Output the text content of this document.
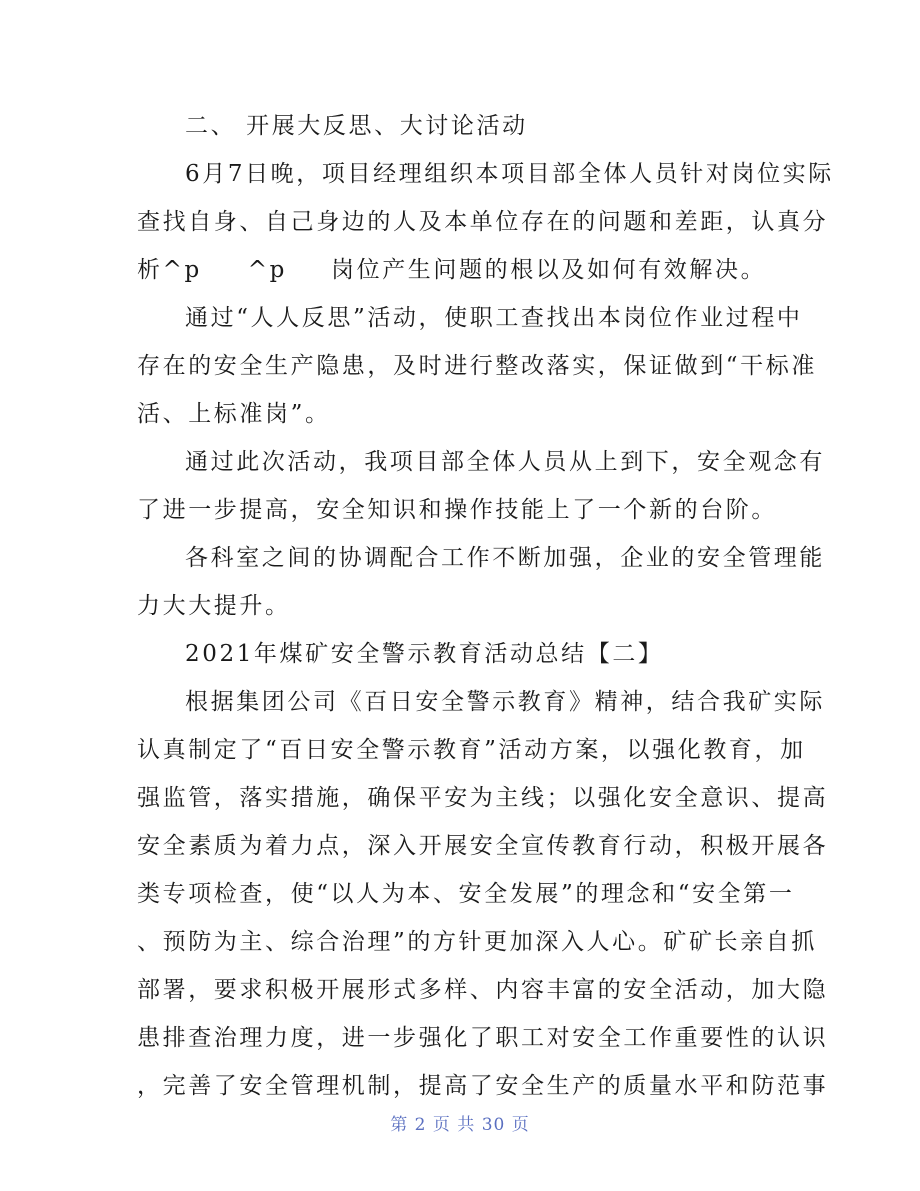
二、 开展大反思、大讨论活动
6月7日晚，项目经理组织本项目部全体人员针对岗位实际
查找自身、自己身边的人及本单位存在的问题和差距，认真分
析^p ^p 岗位产生问题的根以及如何有效解决。
通过“人人反思”活动，使职工查找出本岗位作业过程中
存在的安全生产隐患，及时进行整改落实，保证做到“干标准
活、上标准岗”。
通过此次活动，我项目部全体人员从上到下，安全观念有
了进一步提高，安全知识和操作技能上了一个新的台阶。
各科室之间的协调配合工作不断加强，企业的安全管理能
力大大提升。
2021年煤矿安全警示教育活动总结【二】
根据集团公司《百日安全警示教育》精神，结合我矿实际
认真制定了“百日安全警示教育”活动方案，以强化教育，加
强监管，落实措施，确保平安为主线；以强化安全意识、提高
安全素质为着力点，深入开展安全宣传教育行动，积极开展各
类专项检查，使“以人为本、安全发展”的理念和“安全第一
、预防为主、综合治理”的方针更加深入人心。矿矿长亲自抓
部署，要求积极开展形式多样、内容丰富的安全活动，加大隐
患排查治理力度，进一步强化了职工对安全工作重要性的认识
，完善了安全管理机制，提高了安全生产的质量水平和防范事
第 2 页 共 30 页
